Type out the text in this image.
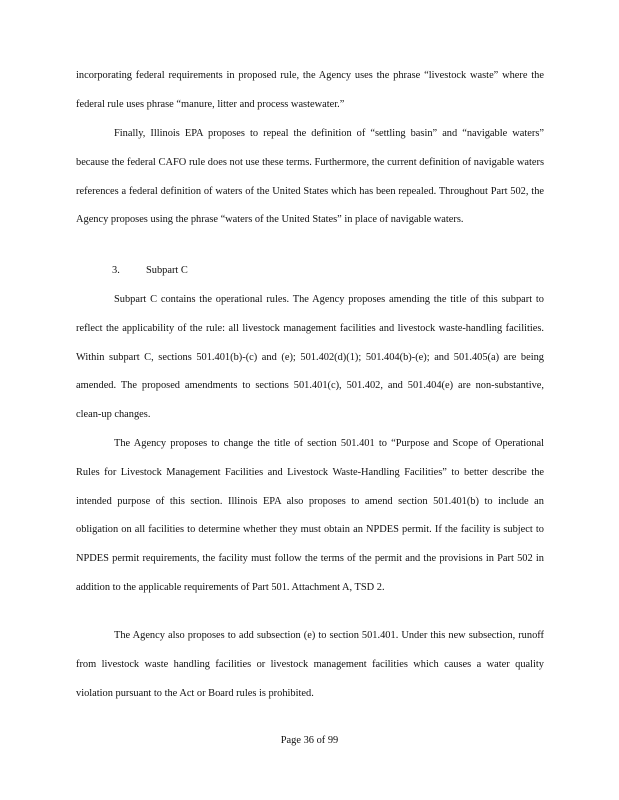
incorporating federal requirements in proposed rule, the Agency uses the phrase “livestock waste” where the federal rule uses phrase “manure, litter and process wastewater.”

Finally, Illinois EPA proposes to repeal the definition of “settling basin” and “navigable waters” because the federal CAFO rule does not use these terms. Furthermore, the current definition of navigable waters references a federal definition of waters of the United States which has been repealed. Throughout Part 502, the Agency proposes using the phrase “waters of the United States” in place of navigable waters.

3.	Subpart C

Subpart C contains the operational rules. The Agency proposes amending the title of this subpart to reflect the applicability of the rule: all livestock management facilities and livestock waste-handling facilities. Within subpart C, sections 501.401(b)-(c) and (e); 501.402(d)(1); 501.404(b)-(e); and 501.405(a) are being amended. The proposed amendments to sections 501.401(c), 501.402, and 501.404(e) are non-substantive, clean-up changes.

The Agency proposes to change the title of section 501.401 to “Purpose and Scope of Operational Rules for Livestock Management Facilities and Livestock Waste-Handling Facilities” to better describe the intended purpose of this section. Illinois EPA also proposes to amend section 501.401(b) to include an obligation on all facilities to determine whether they must obtain an NPDES permit. If the facility is subject to NPDES permit requirements, the facility must follow the terms of the permit and the provisions in Part 502 in addition to the applicable requirements of Part 501. Attachment A, TSD 2.

The Agency also proposes to add subsection (e) to section 501.401. Under this new subsection, runoff from livestock waste handling facilities or livestock management facilities which causes a water quality violation pursuant to the Act or Board rules is prohibited.

Page 36 of 99
